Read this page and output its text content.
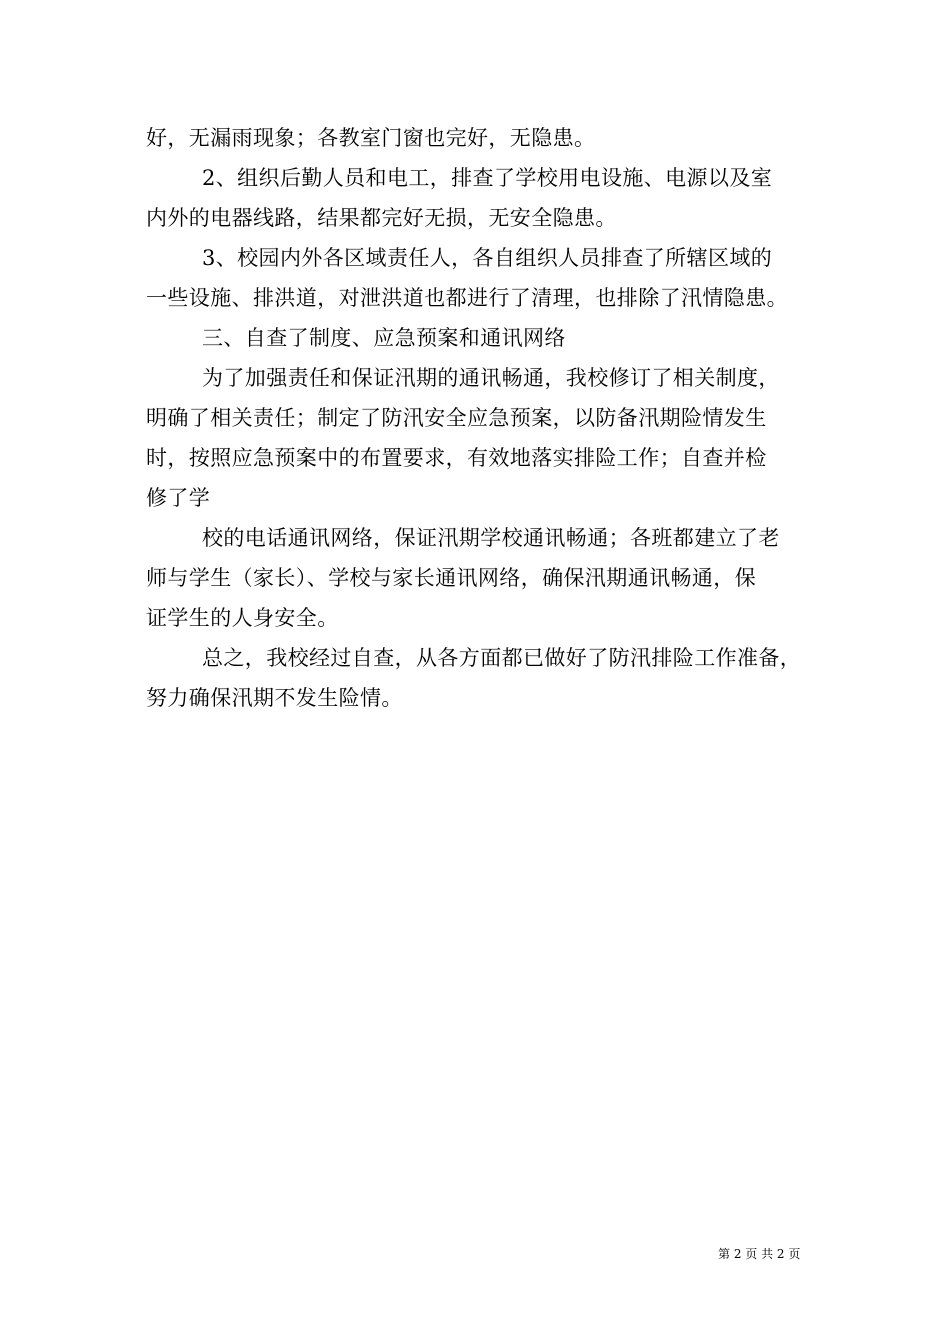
好，无漏雨现象；各教室门窗也完好，无隐患。
2、组织后勤人员和电工，排查了学校用电设施、电源以及室
内外的电器线路，结果都完好无损，无安全隐患。
3、校园内外各区域责任人，各自组织人员排查了所辖区域的
一些设施、排洪道，对泄洪道也都进行了清理，也排除了汛情隐患。
三、自查了制度、应急预案和通讯网络
为了加强责任和保证汛期的通讯畅通，我校修订了相关制度，
明确了相关责任；制定了防汛安全应急预案，以防备汛期险情发生
时，按照应急预案中的布置要求，有效地落实排险工作；自查并检
修了学
校的电话通讯网络，保证汛期学校通讯畅通；各班都建立了老
师与学生（家长）、学校与家长通讯网络，确保汛期通讯畅通，保
证学生的人身安全。
总之，我校经过自查，从各方面都已做好了防汛排险工作准备，
努力确保汛期不发生险情。
第 2 页 共 2 页
